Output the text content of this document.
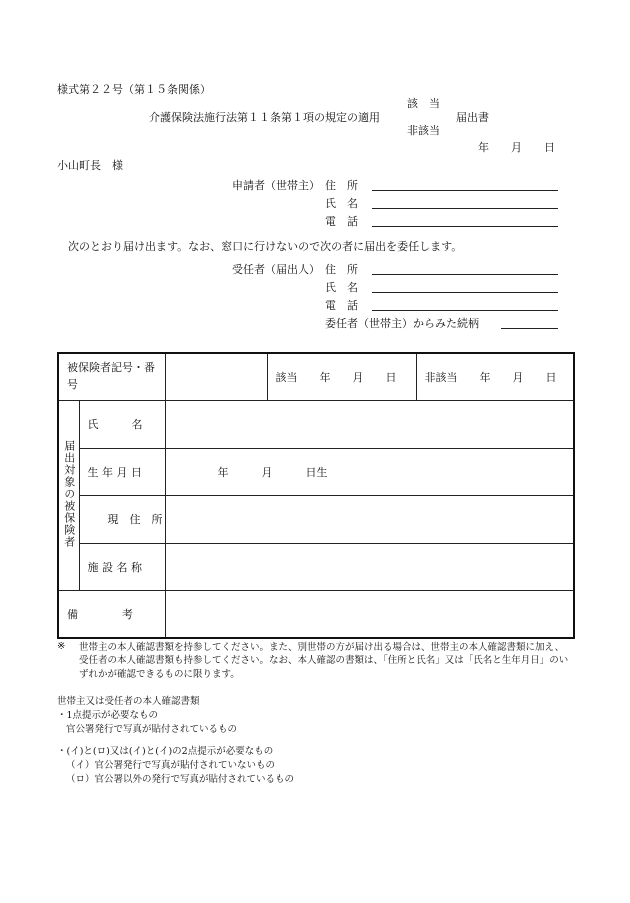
様式第２２号（第１５条関係）
該　当
介護保険法施行法第１１条第１項の規定の適用	届出書
非該当
年　　月　　日
小山町長　様
申請者（世帯主） 住　所
氏　名
電　話
次のとおり届け出ます。なお、窓口に行けないので次の者に届出を委任します。
受任者（届出人） 住　所
氏　名
電　話
委任者（世帯主）からみた続柄
被保険者記号・番　　　　　　号			該当　　年　　月　　日	非該当　　年　　月　　日
届出対象の被保険者	氏　　　名			
	生 年 月 日	年　　　月　　　日生		
	現　住　所			
	施 設 名 称			
備　　　　考				
※ 世帯主の本人確認書類を持参してください。また、別世帯の方が届け出る場合は、世帯主の本人確認書類に加え、受任者の本人確認書類も持参してください。なお、本人確認の書類は、「住所と氏名」又は「氏名と生年月日」のいずれかが確認できるものに限ります。
世帯主又は受任者の本人確認書類
・1点提示が必要なもの
官公署発行で写真が貼付されているもの
・(イ)と(ロ)又は(イ)と(イ)の2点提示が必要なもの
（イ）官公署発行で写真が貼付されていないもの
（ロ）官公署以外の発行で写真が貼付されているもの
